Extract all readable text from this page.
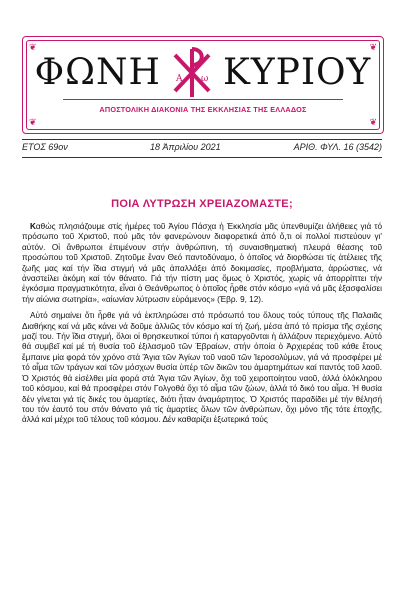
❦	❦
❦	❦
ΦΩΝΗ Α ω ΚΥΡΙΟΥ
ΑΠΟΣΤΟΛΙΚΗ ΔΙΑΚΟΝΙΑ ΤΗΣ ΕΚΚΛΗΣΙΑΣ ΤΗΣ ΕΛΛΑΔΟΣ
ΕΤΟΣ 69ον	18 Ἀπριλίου 2021	ΑΡΙΘ. ΦΥΛ. 16 (3542)
ΠΟΙΑ ΛΥΤΡΩΣΗ ΧΡΕΙΑΖΟΜΑΣΤΕ;

Καθώς πλησιάζουμε στίς ἡμέρες τοῦ Ἁγίου Πάσχα ἡ Ἐκκλησία μᾶς ὑπενθυμίζει ἀλήθειες γιά τό πρόσωπο τοῦ Χριστοῦ, πού μᾶς τόν φανερώνουν διαφορετικά ἀπό ὅ,τι οἱ πολλοί πιστεύουν γι' αὐτόν. Οἱ ἄνθρωποι ἐπιμένουν στήν ἀνθρώπινη, τή συναισθηματική πλευρά θέασης τοῦ προσώπου τοῦ Χριστοῦ. Ζητοῦμε ἕναν Θεό παντοδύναμο, ὁ ὁποῖος νά διορθώσει τίς ἀτέλειες τῆς ζωῆς μας καί τήν ἴδια στιγμή νά μᾶς ἀπαλλάξει ἀπό δοκιμασίες, προβλήματα, ἀρρώστιες, νά ἀναστείλει ἀκόμη καί τόν θάνατο. Γιά τήν πίστη μας ὅμως ὁ Χριστός, χωρίς νά ἀπορρίπτει τήν ἐγκόσμια πραγματικότητα, εἶναι ὁ Θεάνθρωπος ὁ ὁποῖος ἦρθε στόν κόσμο «γιά νά μᾶς ἐξασφαλίσει τήν αἰώνια σωτηρία», «αἰωνίαν λύτρωσιν εὑράμενος» (Ἑβρ. 9, 12).

Αὐτό σημαίνει ὅτι ἦρθε γιά νά ἐκπληρώσει στό πρόσωπό του ὅλους τούς τύπους τῆς Παλαιᾶς Διαθήκης καί νά μᾶς κάνει νά δοῦμε ἀλλιῶς τόν κόσμο καί τή ζωή, μέσα ἀπό τό πρίσμα τῆς σχέσης μαζί του. Τήν ἴδια στιγμή, ὅλοι οἱ θρησκευτικοί τύποι ἡ καταργοῦνται ἡ ἀλλάζουν περιεχόμενο. Αὐτό θά συμβεῖ καί μέ τή θυσία τοῦ ἐξιλασμοῦ τῶν Ἑβραίων, στήν ὁποία ὁ Ἀρχιερέας τοῦ κάθε ἔτους ἔμπαινε μία φορά τόν χρόνο στά Ἅγια τῶν Ἁγίων τοῦ ναοῦ τῶν Ἱεροσολύμων, γιά νά προσφέρει μέ τό αἷμα τῶν τράγων καί τῶν μόσχων θυσία ὑπέρ τῶν δικῶν του ἁμαρτημάτων καί παντός τοῦ λαοῦ. Ὁ Χριστός θά εἰσέλθει μία φορά στά Ἅγια τῶν Ἁγίων, ὄχι τοῦ χειροποίητου ναοῦ, ἀλλά ὁλόκληρου τοῦ κόσμου, καί θά προσφέρει στόν Γολγοθά ὄχι τό αἷμα τῶν ζώων, ἀλλά τό δικό του αἷμα. Ἡ θυσία δέν γίνεται γιά τίς δικές του ἁμαρτίες, διότι ἦταν ἀναμάρτητος. Ὁ Χριστός παραδίδει μέ τήν θέλησή του τόν ἑαυτό του στόν θάνατο γιά τίς ἁμαρτίες ὅλων τῶν ἀνθρώπων, ὄχι μόνο τῆς τότε ἐποχῆς, ἀλλά καί μέχρι τοῦ τέλους τοῦ κόσμου. Δέν καθαρίζει ἐξωτερικά τούς
